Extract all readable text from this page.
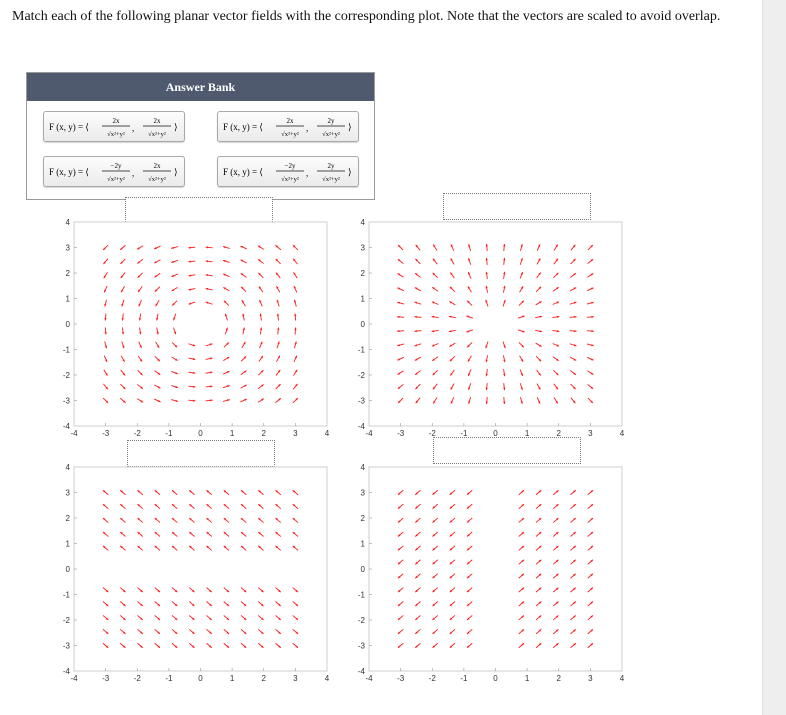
Match each of the following planar vector fields with the corresponding plot. Note that the vectors are scaled to avoid overlap.
Answer Bank
F (x, y) = ⟨
2x
√x²+y²
,
2x
√x²+y²
⟩	F (x, y) = ⟨
2x
√x²+y²
,
2y
√x²+y²
⟩
F (x, y) = ⟨
−2y
√x²+y²
,
2x
√x²+y²
⟩	F (x, y) = ⟨
−2y
√x²+y²
,
2y
√x²+y²
⟩
-4
-4
-3
-3
-2
-2
-1
-1
0
0
1
1
2
2
3
3
4
4
-4
-4
-3
-3
-2
-2
-1
-1
0
0
1
1
2
2
3
3
4
4
-4
-4
-3
-3
-2
-2
-1
-1
0
0
1
1
2
2
3
3
4
4
-4
-4
-3
-3
-2
-2
-1
-1
0
0
1
1
2
2
3
3
4
4
